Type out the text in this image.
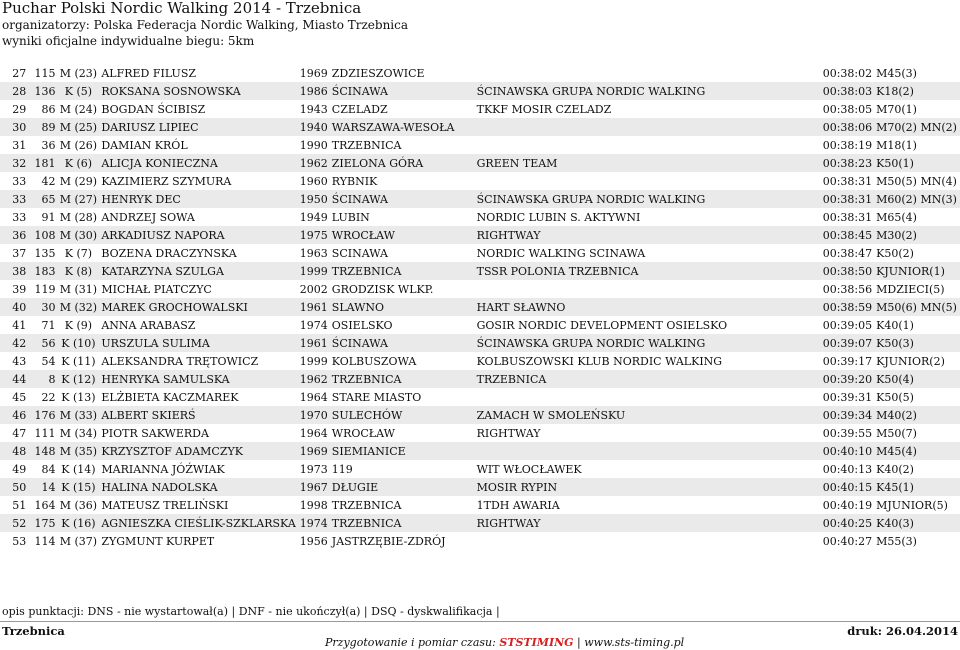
Puchar Polski Nordic Walking 2014 - Trzebnica
organizatorzy: Polska Federacja Nordic Walking, Miasto Trzebnica
wyniki oficjalne indywidualne biegu: 5km
27	115	M (23)	ALFRED FILUSZ	1969	ZDZIESZOWICE		00:38:02	M45(3)
28	136	K (5)	ROKSANA SOSNOWSKA	1986	ŚCINAWA	ŚCINAWSKA GRUPA NORDIC WALKING	00:38:03	K18(2)
29	86	M (24)	BOGDAN ŚCIBISZ	1943	CZELADZ	TKKF MOSIR CZELADZ	00:38:05	M70(1)
30	89	M (25)	DARIUSZ LIPIEC	1940	WARSZAWA-WESOŁA		00:38:06	M70(2) MN(2)
31	36	M (26)	DAMIAN KRÓL	1990	TRZEBNICA		00:38:19	M18(1)
32	181	K (6)	ALICJA KONIECZNA	1962	ZIELONA GÓRA	GREEN TEAM	00:38:23	K50(1)
33	42	M (29)	KAZIMIERZ SZYMURA	1960	RYBNIK		00:38:31	M50(5) MN(4)
33	65	M (27)	HENRYK DEC	1950	ŚCINAWA	ŚCINAWSKA GRUPA NORDIC WALKING	00:38:31	M60(2) MN(3)
33	91	M (28)	ANDRZEJ SOWA	1949	LUBIN	NORDIC LUBIN S. AKTYWNI	00:38:31	M65(4)
36	108	M (30)	ARKADIUSZ NAPORA	1975	WROCŁAW	RIGHTWAY	00:38:45	M30(2)
37	135	K (7)	BOZENA DRACZYNSKA	1963	SCINAWA	NORDIC WALKING SCINAWA	00:38:47	K50(2)
38	183	K (8)	KATARZYNA SZULGA	1999	TRZEBNICA	TSSR POLONIA TRZEBNICA	00:38:50	KJUNIOR(1)
39	119	M (31)	MICHAŁ PIATCZYC	2002	GRODZISK WLKP.		00:38:56	MDZIECI(5)
40	30	M (32)	MAREK GROCHOWALSKI	1961	SLAWNO	HART SŁAWNO	00:38:59	M50(6) MN(5)
41	71	K (9)	ANNA ARABASZ	1974	OSIELSKO	GOSIR NORDIC DEVELOPMENT OSIELSKO	00:39:05	K40(1)
42	56	K (10)	URSZULA SULIMA	1961	ŚCINAWA	ŚCINAWSKA GRUPA NORDIC WALKING	00:39:07	K50(3)
43	54	K (11)	ALEKSANDRA TRĘTOWICZ	1999	KOLBUSZOWA	KOLBUSZOWSKI KLUB NORDIC WALKING	00:39:17	KJUNIOR(2)
44	8	K (12)	HENRYKA SAMULSKA	1962	TRZEBNICA	TRZEBNICA	00:39:20	K50(4)
45	22	K (13)	ELŻBIETA KACZMAREK	1964	STARE MIASTO		00:39:31	K50(5)
46	176	M (33)	ALBERT SKIERŚ	1970	SULECHÓW	ZAMACH W SMOLEŃSKU	00:39:34	M40(2)
47	111	M (34)	PIOTR SAKWERDA	1964	WROCŁAW	RIGHTWAY	00:39:55	M50(7)
48	148	M (35)	KRZYSZTOF ADAMCZYK	1969	SIEMIANICE		00:40:10	M45(4)
49	84	K (14)	MARIANNA JÓŹWIAK	1973	119	WIT WŁOCŁAWEK	00:40:13	K40(2)
50	14	K (15)	HALINA NADOLSKA	1967	DŁUGIE	MOSIR RYPIN	00:40:15	K45(1)
51	164	M (36)	MATEUSZ TRELIŃSKI	1998	TRZEBNICA	1TDH AWARIA	00:40:19	MJUNIOR(5)
52	175	K (16)	AGNIESZKA CIEŚLIK-SZKLARSKA	1974	TRZEBNICA	RIGHTWAY	00:40:25	K40(3)
53	114	M (37)	ZYGMUNT KURPET	1956	JASTRZĘBIE-ZDRÓJ		00:40:27	M55(3)
opis punktacji: DNS - nie wystartował(a) | DNF - nie ukończył(a) | DSQ - dyskwalifikacja |
Trzebnica
Przygotowanie i pomiar czasu: STSTIMING | www.sts-timing.pl
druk: 26.04.2014
